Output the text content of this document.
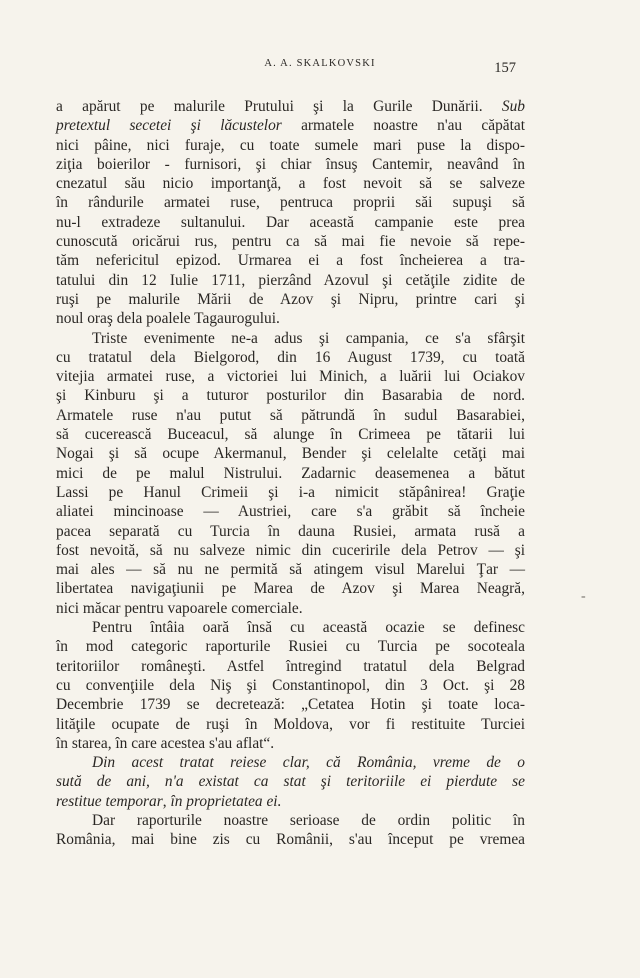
A. A. SKALKOVSKI	157
a apărut pe malurile Prutului şi la Gurile Dunării. Sub
pretextul secetei şi lăcustelor armatele noastre n'au căpătat
nici pâine, nici furaje, cu toate sumele mari puse la dispo-
ziţia boierilor - furnisori, şi chiar însuş Cantemir, neavând în
cnezatul său nicio importanţă, a fost nevoit să se salveze
în rândurile armatei ruse, pentruca proprii săi supuşi să
nu-l extradeze sultanului. Dar această campanie este prea
cunoscută oricărui rus, pentru ca să mai fie nevoie să repe-
tăm nefericitul epizod. Urmarea ei a fost încheierea a tra-
tatului din 12 Iulie 1711, pierzând Azovul şi cetăţile zidite de
ruşi pe malurile Mării de Azov şi Nipru, printre cari şi
noul oraş dela poalele Tagaurogului.
Triste evenimente ne-a adus şi campania, ce s'a sfârşit
cu tratatul dela Bielgorod, din 16 August 1739, cu toată
vitejia armatei ruse, a victoriei lui Minich, a luării lui Ociakov
şi Kinburu şi a tuturor posturilor din Basarabia de nord.
Armatele ruse n'au putut să pătrundă în sudul Basarabiei,
să cucerească Buceacul, să alunge în Crimeea pe tătarii lui
Nogai şi să ocupe Akermanul, Bender şi celelalte cetăţi mai
mici de pe malul Nistrului. Zadarnic deasemenea a bătut
Lassi pe Hanul Crimeii şi i-a nimicit stăpânirea! Graţie
aliatei mincinoase — Austriei, care s'a grăbit să încheie
pacea separată cu Turcia în dauna Rusiei, armata rusă a
fost nevoită, să nu salveze nimic din cuceririle dela Petrov — şi
mai ales — să nu ne permită să atingem visul Marelui Ţar —
libertatea navigaţiunii pe Marea de Azov şi Marea Neagră,
nici măcar pentru vapoarele comerciale.
Pentru întâia oară însă cu această ocazie se definesc
în mod categoric raporturile Rusiei cu Turcia pe socoteala
teritoriilor româneşti. Astfel întregind tratatul dela Belgrad
cu convenţiile dela Niş şi Constantinopol, din 3 Oct. şi 28
Decembrie 1739 se decretează: „Cetatea Hotin şi toate loca-
lităţile ocupate de ruşi în Moldova, vor fi restituite Turciei
în starea, în care acestea s'au aflat“.
Din acest tratat reiese clar, că România, vreme de o
sută de ani, n'a existat ca stat şi teritoriile ei pierdute se
restitue temporar, în proprietatea ei.
Dar raporturile noastre serioase de ordin politic în
România, mai bine zis cu Românii, s'au început pe vremea
-
